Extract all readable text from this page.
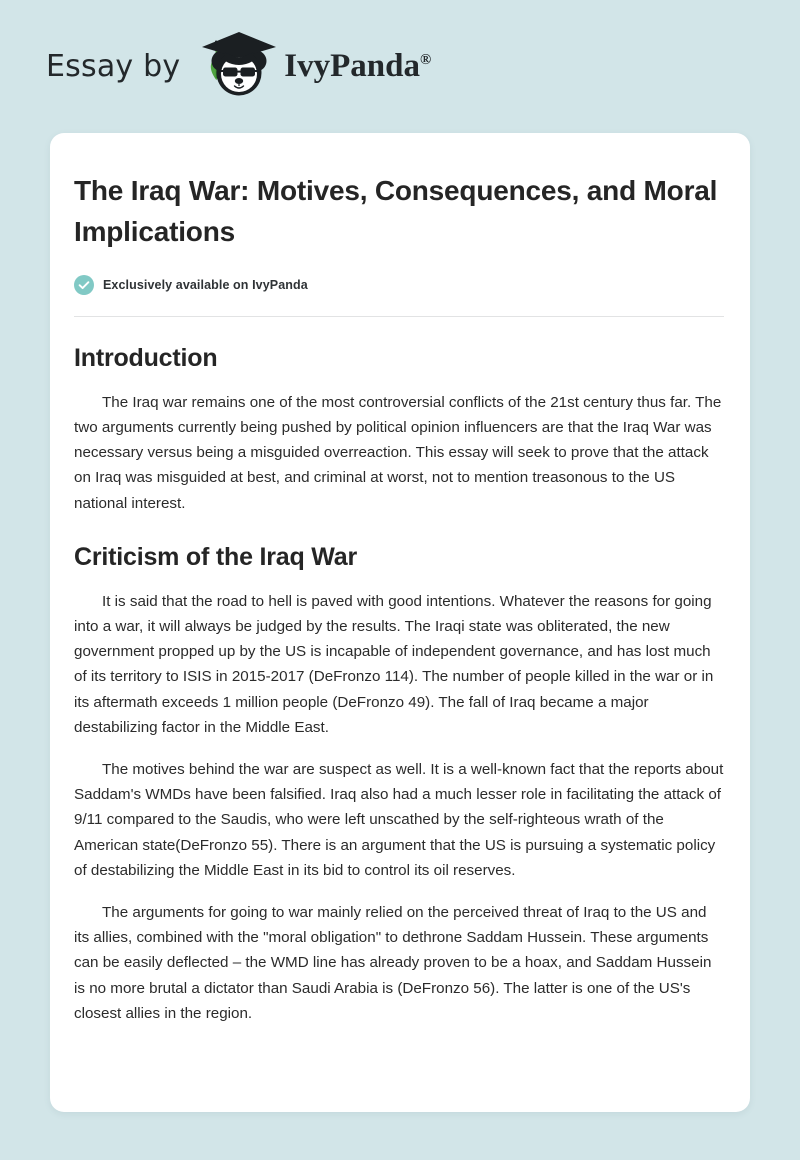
Essay by	IvyPanda®
The Iraq War: Motives, Consequences, and Moral Implications
Exclusively available on IvyPanda
Introduction

The Iraq war remains one of the most controversial conflicts of the 21st century thus far. The two arguments currently being pushed by political opinion influencers are that the Iraq War was necessary versus being a misguided overreaction. This essay will seek to prove that the attack on Iraq was misguided at best, and criminal at worst, not to mention treasonous to the US national interest.

Criticism of the Iraq War

It is said that the road to hell is paved with good intentions. Whatever the reasons for going into a war, it will always be judged by the results. The Iraqi state was obliterated, the new government propped up by the US is incapable of independent governance, and has lost much of its territory to ISIS in 2015-2017 (DeFronzo 114). The number of people killed in the war or in its aftermath exceeds 1 million people (DeFronzo 49). The fall of Iraq became a major destabilizing factor in the Middle East.

The motives behind the war are suspect as well. It is a well-known fact that the reports about Saddam's WMDs have been falsified. Iraq also had a much lesser role in facilitating the attack of 9/11 compared to the Saudis, who were left unscathed by the self-righteous wrath of the American state(DeFronzo 55). There is an argument that the US is pursuing a systematic policy of destabilizing the Middle East in its bid to control its oil reserves.

The arguments for going to war mainly relied on the perceived threat of Iraq to the US and its allies, combined with the "moral obligation" to dethrone Saddam Hussein. These arguments can be easily deflected – the WMD line has already proven to be a hoax, and Saddam Hussein is no more brutal a dictator than Saudi Arabia is (DeFronzo 56). The latter is one of the US's closest allies in the region.
